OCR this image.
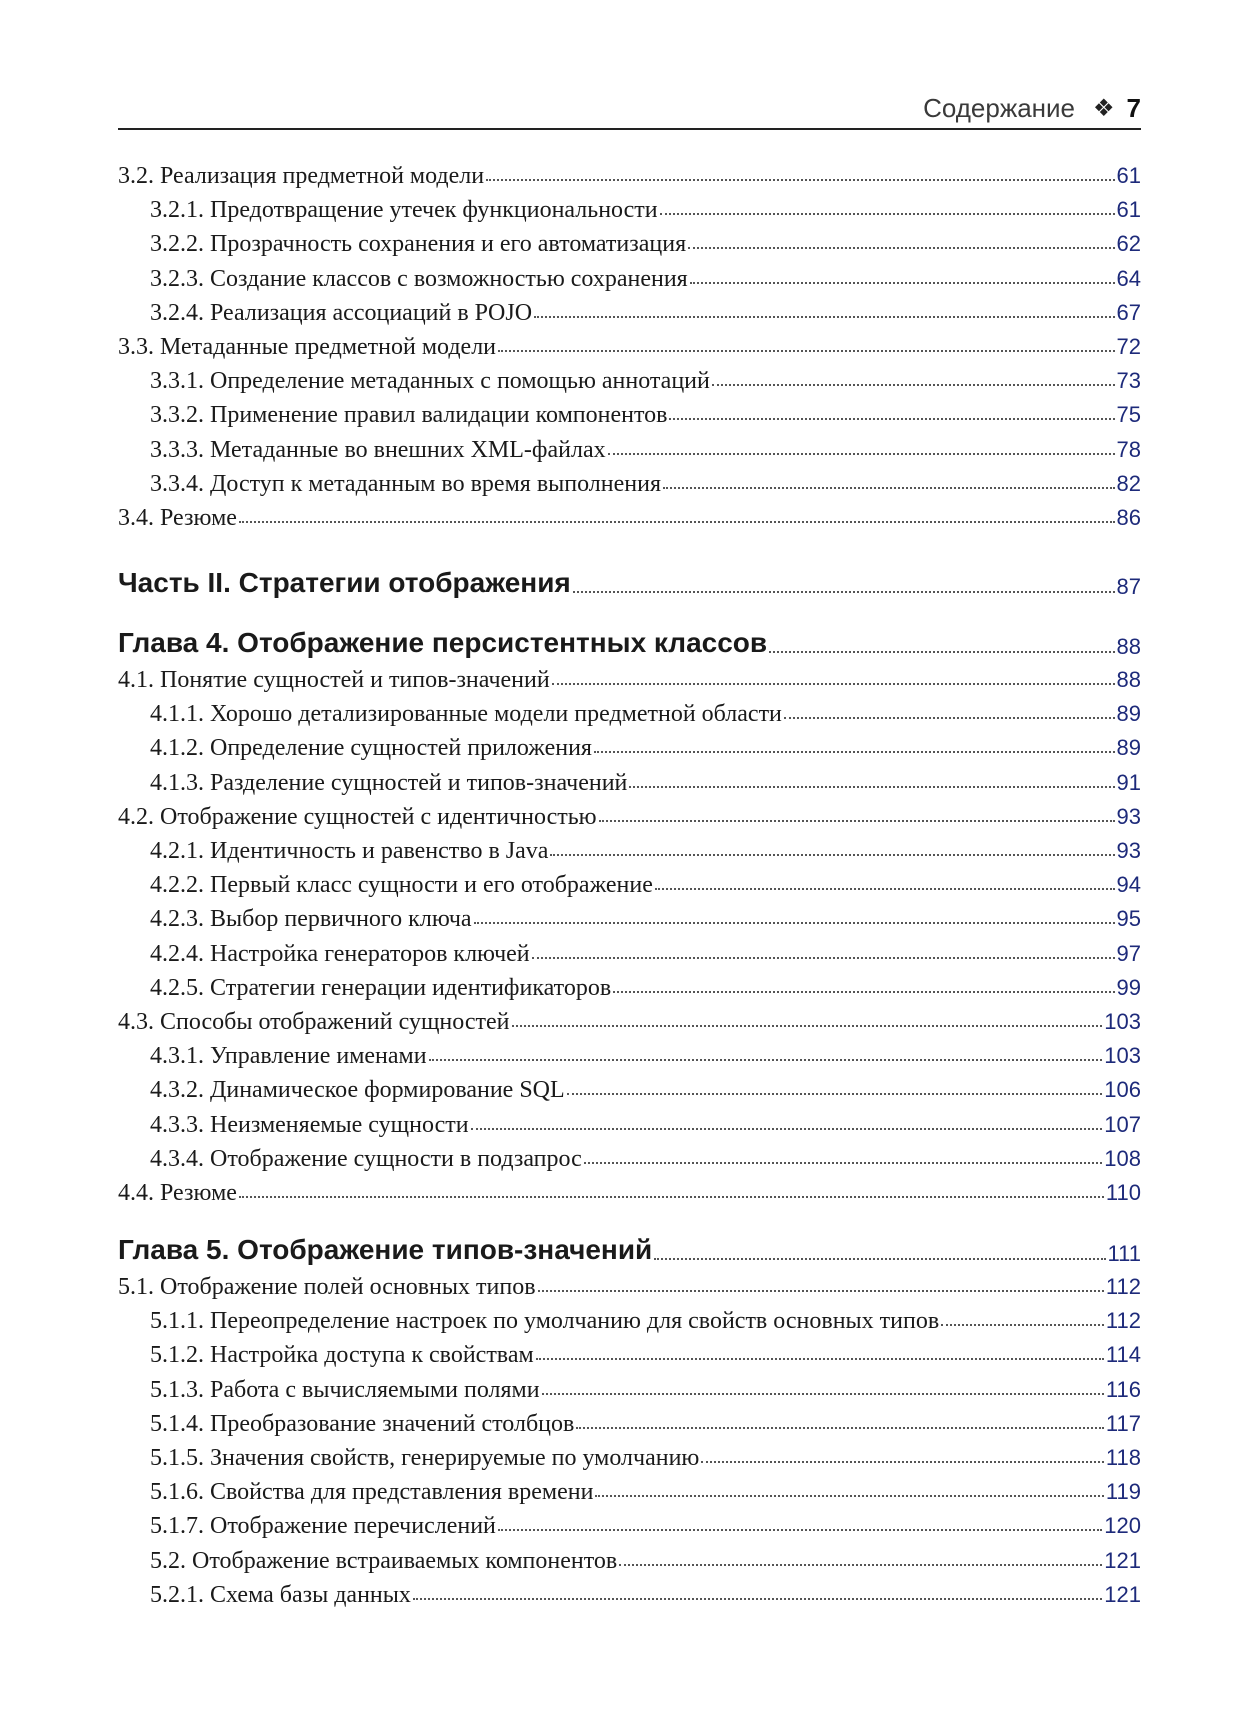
Содержание ❖ 7
3.2. Реализация предметной модели	61
3.2.1. Предотвращение утечек функциональности	61
3.2.2. Прозрачность сохранения и его автоматизация	62
3.2.3. Создание классов с возможностью сохранения	64
3.2.4. Реализация ассоциаций в POJO	67
3.3. Метаданные предметной модели	72
3.3.1. Определение метаданных с помощью аннотаций	73
3.3.2. Применение правил валидации компонентов	75
3.3.3. Метаданные во внешних XML-файлах	78
3.3.4. Доступ к метаданным во время выполнения	82
3.4. Резюме	86
Часть II. Стратегии отображения	87
Глава 4. Отображение персистентных классов	88
4.1. Понятие сущностей и типов-значений	88
4.1.1. Хорошо детализированные модели предметной области	89
4.1.2. Определение сущностей приложения	89
4.1.3. Разделение сущностей и типов-значений	91
4.2. Отображение сущностей с идентичностью	93
4.2.1. Идентичность и равенство в Java	93
4.2.2. Первый класс сущности и его отображение	94
4.2.3. Выбор первичного ключа	95
4.2.4. Настройка генераторов ключей	97
4.2.5. Стратегии генерации идентификаторов	99
4.3. Способы отображений сущностей	103
4.3.1. Управление именами	103
4.3.2. Динамическое формирование SQL	106
4.3.3. Неизменяемые сущности	107
4.3.4. Отображение сущности в подзапрос	108
4.4. Резюме	110
Глава 5. Отображение типов-значений	111
5.1. Отображение полей основных типов	112
5.1.1. Переопределение настроек по умолчанию для свойств основных типов	112
5.1.2. Настройка доступа к свойствам	114
5.1.3. Работа с вычисляемыми полями	116
5.1.4. Преобразование значений столбцов	117
5.1.5. Значения свойств, генерируемые по умолчанию	118
5.1.6. Свойства для представления времени	119
5.1.7. Отображение перечислений	120
5.2. Отображение встраиваемых компонентов	121
5.2.1. Схема базы данных	121
